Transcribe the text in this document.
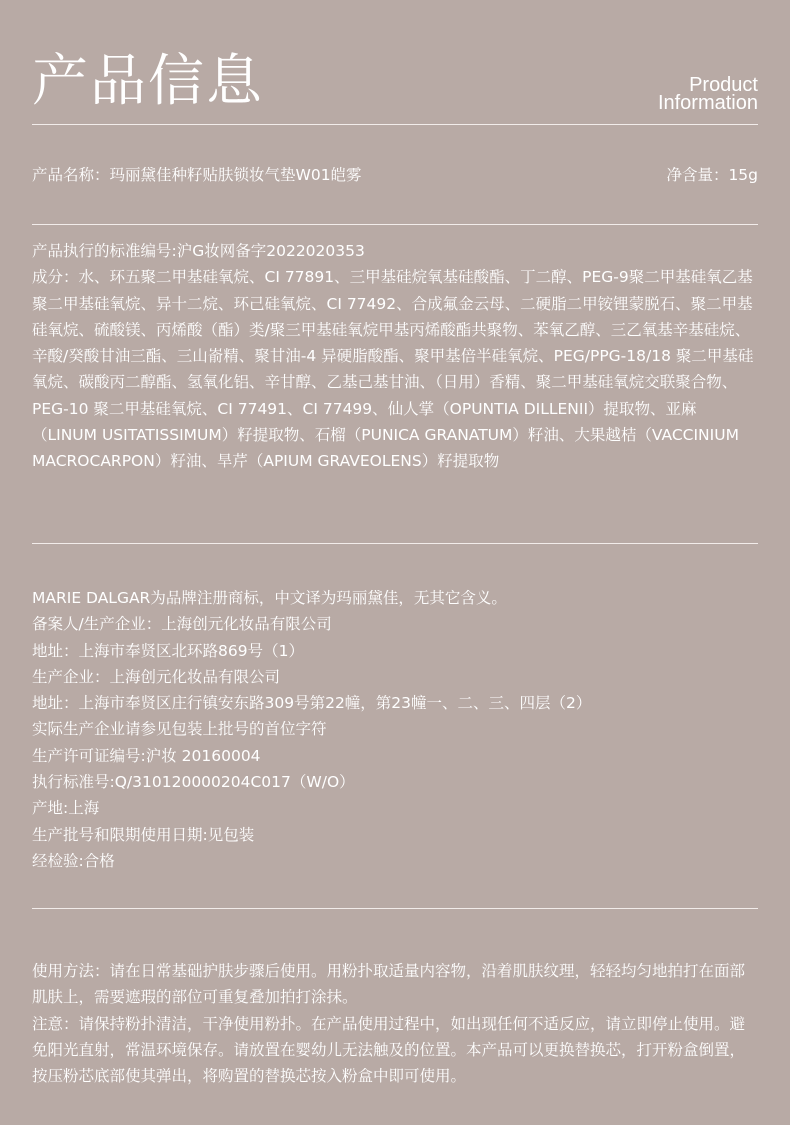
产品信息	Product
Information
产品名称：玛丽黛佳种籽贴肤锁妆气垫W01皑雾	净含量：15g

产品执行的标准编号:沪G妆网备字2022020353

成分：水、环五聚二甲基硅氧烷、CI 77891、三甲基硅烷氧基硅酸酯、丁二醇、PEG-9聚二甲基硅氧乙基聚二甲基硅氧烷、异十二烷、环己硅氧烷、CI 77492、合成氟金云母、二硬脂二甲铵锂蒙脱石、聚二甲基硅氧烷、硫酸镁、丙烯酸（酯）类/聚三甲基硅氧烷甲基丙烯酸酯共聚物、苯氧乙醇、三乙氧基辛基硅烷、辛酸/癸酸甘油三酯、三山嵛精、聚甘油-4 异硬脂酸酯、聚甲基倍半硅氧烷、PEG/PPG-18/18 聚二甲基硅氧烷、碳酸丙二醇酯、氢氧化铝、辛甘醇、乙基己基甘油、（日用）香精、聚二甲基硅氧烷交联聚合物、PEG-10 聚二甲基硅氧烷、CI 77491、CI 77499、仙人掌（OPUNTIA DILLENII）提取物、亚麻（LINUM USITATISSIMUM）籽提取物、石榴（PUNICA GRANATUM）籽油、大果越桔（VACCINIUM MACROCARPON）籽油、旱芹（APIUM GRAVEOLENS）籽提取物

MARIE DALGAR为品牌注册商标，中文译为玛丽黛佳，无其它含义。
备案人/生产企业：上海创元化妆品有限公司
地址：上海市奉贤区北环路869号（1）
生产企业：上海创元化妆品有限公司
地址：上海市奉贤区庄行镇安东路309号第22幢，第23幢一、二、三、四层（2）
实际生产企业请参见包装上批号的首位字符
生产许可证编号:沪妆 20160004
执行标准号:Q/310120000204C017（W/O）
产地:上海
生产批号和限期使用日期:见包装
经检验:合格

使用方法：请在日常基础护肤步骤后使用。用粉扑取适量内容物，沿着肌肤纹理，轻轻均匀地拍打在面部肌肤上，需要遮瑕的部位可重复叠加拍打涂抹。

注意：请保持粉扑清洁，干净使用粉扑。在产品使用过程中，如出现任何不适反应，请立即停止使用。避免阳光直射，常温环境保存。请放置在婴幼儿无法触及的位置。本产品可以更换替换芯，打开粉盒倒置，按压粉芯底部使其弹出，将购置的替换芯按入粉盒中即可使用。
